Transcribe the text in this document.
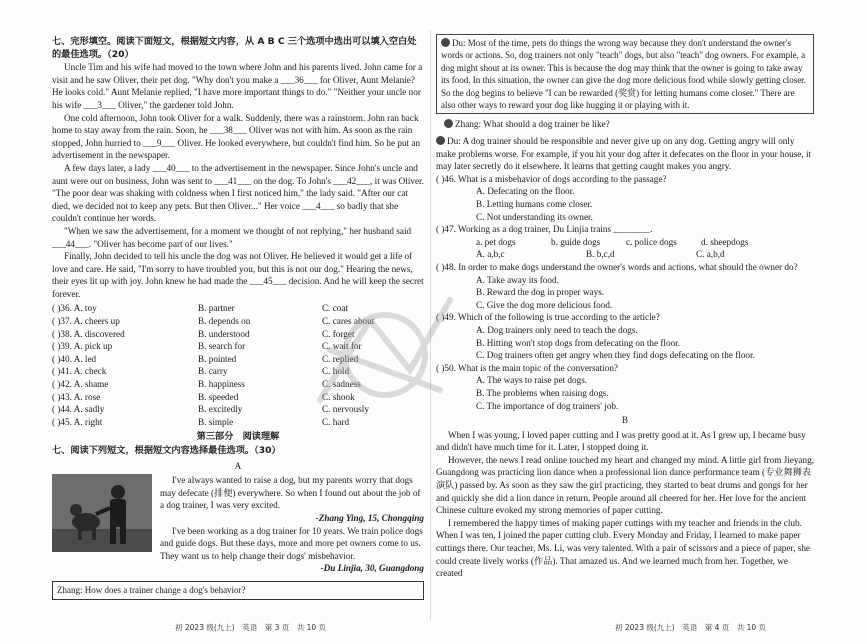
七、完形填空。阅读下面短文，根据短文内容，从 A B C 三个选项中选出可以填入空白处的最佳选项。（20）

Uncle Tim and his wife had moved to the town where John and his parents lived. John came for a visit and he saw Oliver, their pet dog. "Why don't you make a ___36___ for Oliver, Aunt Melanie? He looks cold." Aunt Melanie replied, "I have more important things to do." "Neither your uncle nor his wife ___3___ Oliver," the gardener told John.

One cold afternoon, John took Oliver for a walk. Suddenly, there was a rainstorm. John ran back home to stay away from the rain. Soon, he ___38___ Oliver was not with him. As soon as the rain stopped, John hurried to ___9___ Oliver. He looked everywhere, but couldn't find him. So he put an advertisement in the newspaper.

A few days later, a lady ___40___ to the advertisement in the newspaper. Since John's uncle and aunt were out on business, John was sent to ___41___ on the dog. To John's ___42___, it was Oliver. "The poor dear was shaking with coldness when I first noticed him," the lady said. "After our cat died, we decided not to keep any pets. But then Oliver..." Her voice ___4___ so badly that she couldn't continue her words.

"When we saw the advertisement, for a moment we thought of not replying," her husband said ___44___. "Oliver has become part of our lives."

Finally, John decided to tell his uncle the dog was not Oliver. He believed it would get a life of love and care. He said, "I'm sorry to have troubled you, but this is not our dog." Hearing the news, their eyes lit up with joy. John knew he had made the ___45___ decision. And he will keep the secret forever.

( )36. A. toy	B. partner	C. coat
( )37. A. cheers up	B. depends on	C. cares about
( )38. A. discovered	B. understood	C. forget
( )39. A. pick up	B. search for	C. wait for
( )40. A. led	B. pointed	C. replied
( )41. A. check	B. carry	C. hold
( )42. A. shame	B. happiness	C. sadness
( )43. A. rose	B. speeded	C. shook
( )44. A. sadly	B. excitedly	C. nervously
( )45. A. right	B. simple	C. hard
第三部分　阅读理解

七、阅读下列短文，根据短文内容选择最佳选项。（30）

A

I've always wanted to raise a dog, but my parents worry that dogs may defecate (排便) everywhere. So when I found out about the job of a dog trainer, I was very excited.

-Zhang Ying, 15, Chongqing

I've been working as a dog trainer for 10 years. We train police dogs and guide dogs. But these days, more and more pet owners come to us. They want us to help change their dogs' misbehavior.

-Du Linjia, 30, Guangdong

Zhang: How does a trainer change a dog's behavior?
Du: Most of the time, pets do things the wrong way because they don't understand the owner's words or actions. So, dog trainers not only "teach" dogs, but also "teach" dog owners. For example, a dog might shout at its owner. This is because the dog may think that the owner is going to take away its food. In this situation, the owner can give the dog more delicious food while slowly getting closer. So the dog begins to believe "I can be rewarded (奖赏) for letting humans come closer." There are also other ways to reward your dog like hugging it or playing with it.

Zhang: What should a dog trainer be like?

Du: A dog trainer should be responsible and never give up on any dog. Getting angry will only make problems worse. For example, if you hit your dog after it defecates on the floor in your house, it may later secretly do it elsewhere. It learns that getting caught makes you angry.

( )46. What is a misbehavior of dogs according to the passage?
A. Defecating on the floor.
B. Letting humans come closer.
C. Not understanding its owner.
( )47. Working as a dog trainer, Du Linjia trains ________.
a. pet dogs	b. guide dogs	c. police dogs	d. sheepdogs
A. a,b,c	B. b,c,d	C. a,b,d
( )48. In order to make dogs understand the owner's words and actions, what should the owner do?
A. Take away its food.
B. Reward the dog in proper ways.
C. Give the dog more delicious food.
( )49. Which of the following is true according to the article?
A. Dog trainers only need to teach the dogs.
B. Hitting won't stop dogs from defecating on the floor.
C. Dog trainers often get angry when they find dogs defecating on the floor.
( )50. What is the main topic of the conversation?
A. The ways to raise pet dogs.
B. The problems when raising dogs.
C. The importance of dog trainers' job.
B

When I was young, I loved paper cutting and I was pretty good at it. As I grew up, I became busy and didn't have much time for it. Later, I stopped doing it.

However, the news I read online touched my heart and changed my mind. A little girl from Jieyang, Guangdong was practicing lion dance when a professional lion dance performance team (专业舞狮表演队) passed by. As soon as they saw the girl practicing, they started to beat drums and gongs for her and quickly she did a lion dance in return. People around all cheered for her. Her love for the ancient Chinese culture evoked my strong memories of paper cutting.

I remembered the happy times of making paper cuttings with my teacher and friends in the club. When I was ten, I joined the paper cutting club. Every Monday and Friday, I learned to make paper cuttings there. Our teacher, Ms. Li, was very talented. With a pair of scissors and a piece of paper, she could create lively works (作品). That amazed us. And we learned much from her. Together, we created

初 2023 级(九上)　英语　第 3 页　共 10 页	初 2023 级(九上)　英语　第 4 页　共 10 页
